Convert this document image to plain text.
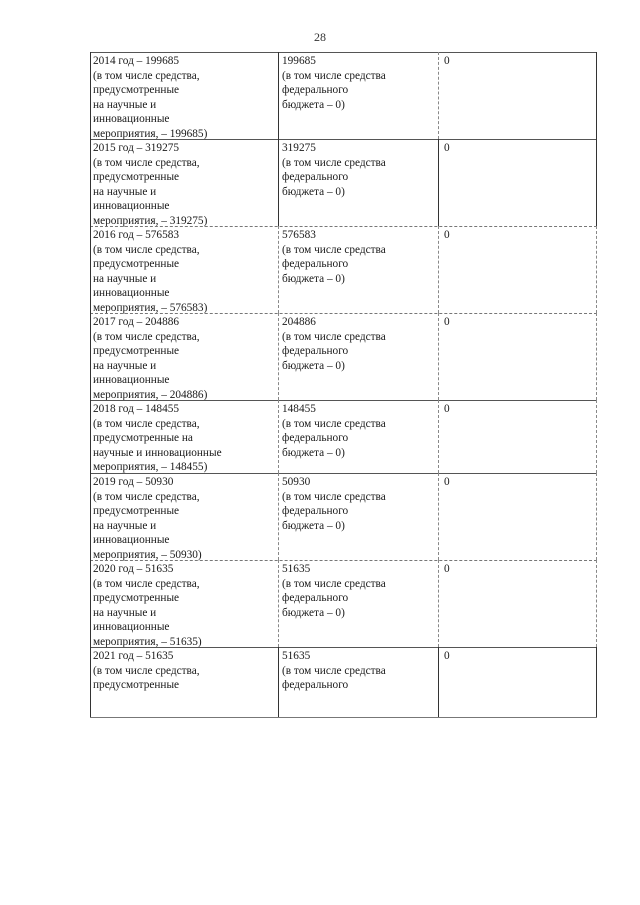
28
2014 год – 199685
(в том числе средства,
предусмотренные
на научные и
инновационные
мероприятия, – 199685)
199685
(в том числе средства
федерального
бюджета – 0)
0
2015 год – 319275
(в том числе средства,
предусмотренные
на научные и
инновационные
мероприятия, – 319275)
319275
(в том числе средства
федерального
бюджета – 0)
0
2016 год – 576583
(в том числе средства,
предусмотренные
на научные и
инновационные
мероприятия, – 576583)
576583
(в том числе средства
федерального
бюджета – 0)
0
2017 год – 204886
(в том числе средства,
предусмотренные
на научные и
инновационные
мероприятия, – 204886)
204886
(в том числе средства
федерального
бюджета – 0)
0
2018 год – 148455
(в том числе средства,
предусмотренные на
научные и инновационные
мероприятия, – 148455)
148455
(в том числе средства
федерального
бюджета – 0)
0
2019 год – 50930
(в том числе средства,
предусмотренные
на научные и
инновационные
мероприятия, – 50930)
50930
(в том числе средства
федерального
бюджета – 0)
0
2020 год – 51635
(в том числе средства,
предусмотренные
на научные и
инновационные
мероприятия, – 51635)
51635
(в том числе средства
федерального
бюджета – 0)
0
2021 год – 51635
(в том числе средства,
предусмотренные
51635
(в том числе средства
федерального
0
